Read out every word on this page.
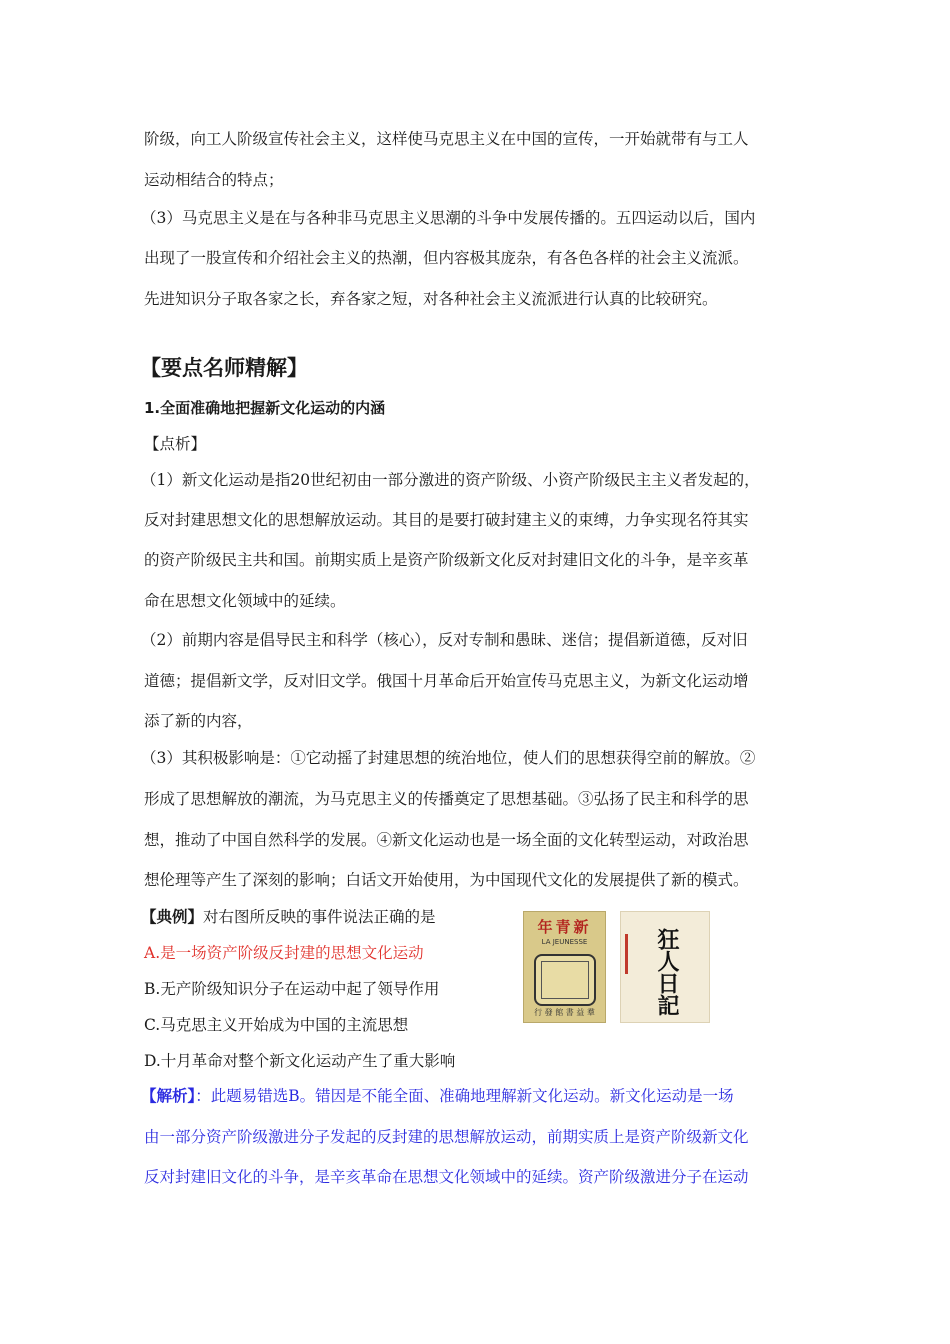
阶级，向工人阶级宣传社会主义，这样使马克思主义在中国的宣传，一开始就带有与工人
运动相结合的特点；
（3）马克思主义是在与各种非马克思主义思潮的斗争中发展传播的。五四运动以后，国内
出现了一股宣传和介绍社会主义的热潮，但内容极其庞杂，有各色各样的社会主义流派。
先进知识分子取各家之长，弃各家之短，对各种社会主义流派进行认真的比较研究。
【要点名师精解】
1.全面准确地把握新文化运动的内涵
【点析】
（1）新文化运动是指20世纪初由一部分激进的资产阶级、小资产阶级民主主义者发起的，
反对封建思想文化的思想解放运动。其目的是要打破封建主义的束缚，力争实现名符其实
的资产阶级民主共和国。前期实质上是资产阶级新文化反对封建旧文化的斗争，是辛亥革
命在思想文化领域中的延续。
（2）前期内容是倡导民主和科学（核心），反对专制和愚昧、迷信；提倡新道德，反对旧
道德；提倡新文学，反对旧文学。俄国十月革命后开始宣传马克思主义，为新文化运动增
添了新的内容，
（3）其积极影响是：①它动摇了封建思想的统治地位，使人们的思想获得空前的解放。②
形成了思想解放的潮流，为马克思主义的传播奠定了思想基础。③弘扬了民主和科学的思
想，推动了中国自然科学的发展。④新文化运动也是一场全面的文化转型运动，对政治思
想伦理等产生了深刻的影响；白话文开始使用，为中国现代文化的发展提供了新的模式。
【典例】对右图所反映的事件说法正确的是
A.是一场资产阶级反封建的思想文化运动
B.无产阶级知识分子在运动中起了领导作用
C.马克思主义开始成为中国的主流思想
D.十月革命对整个新文化运动产生了重大影响
年青新
LA JEUNESSE
行 發 館 書 益 羣	狂人日記
【解析】：此题易错选B。错因是不能全面、准确地理解新文化运动。新文化运动是一场
由一部分资产阶级激进分子发起的反封建的思想解放运动，前期实质上是资产阶级新文化
反对封建旧文化的斗争，是辛亥革命在思想文化领域中的延续。资产阶级激进分子在运动
